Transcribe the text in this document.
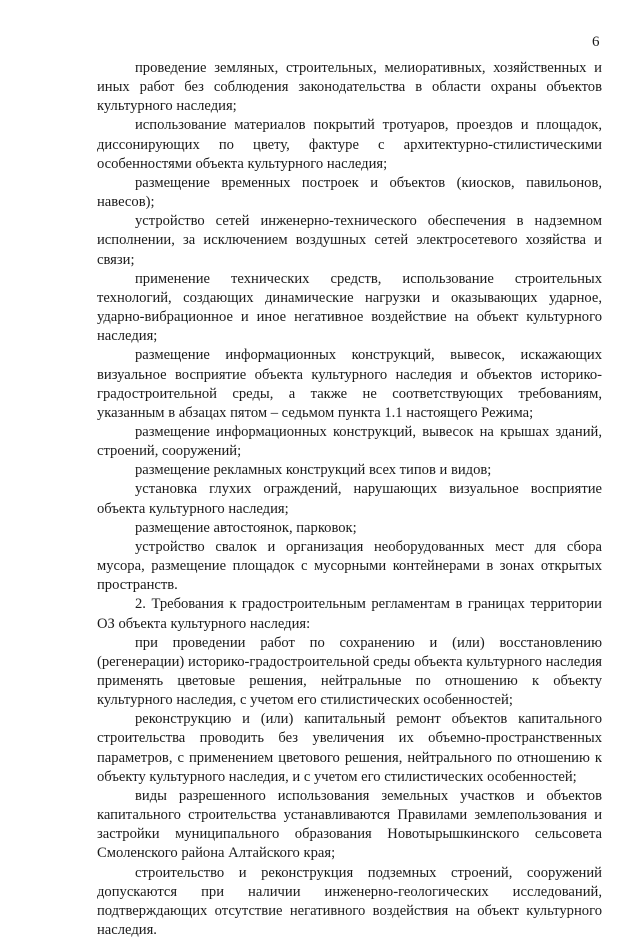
6

проведение земляных, строительных, мелиоративных, хозяйственных и иных работ без соблюдения законодательства в области охраны объектов культурного наследия;

использование материалов покрытий тротуаров, проездов и площадок, диссонирующих по цвету, фактуре с архитектурно-стилистическими особенностями объекта культурного наследия;

размещение временных построек и объектов (киосков, павильонов, навесов);

устройство сетей инженерно-технического обеспечения в надземном исполнении, за исключением воздушных сетей электросетевого хозяйства и связи;

применение технических средств, использование строительных технологий, создающих динамические нагрузки и оказывающих ударное, ударно-вибрационное и иное негативное воздействие на объект культурного наследия;

размещение информационных конструкций, вывесок, искажающих визуальное восприятие объекта культурного наследия и объектов историко-градостроительной среды, а также не соответствующих требованиям, указанным в абзацах пятом – седьмом пункта 1.1 настоящего Режима;

размещение информационных конструкций, вывесок на крышах зданий, строений, сооружений;

размещение рекламных конструкций всех типов и видов;

установка глухих ограждений, нарушающих визуальное восприятие объекта культурного наследия;

размещение автостоянок, парковок;

устройство свалок и организация необорудованных мест для сбора мусора, размещение площадок с мусорными контейнерами в зонах открытых пространств.

2. Требования к градостроительным регламентам в границах территории ОЗ объекта культурного наследия:

при проведении работ по сохранению и (или) восстановлению (регенерации) историко-градостроительной среды объекта культурного наследия применять цветовые решения, нейтральные по отношению к объекту культурного наследия, с учетом его стилистических особенностей;

реконструкцию и (или) капитальный ремонт объектов капитального строительства проводить без увеличения их объемно-пространственных параметров, с применением цветового решения, нейтрального по отношению к объекту культурного наследия, и с учетом его стилистических особенностей;

виды разрешенного использования земельных участков и объектов капитального строительства устанавливаются Правилами землепользования и застройки муниципального образования Новотырышкинского сельсовета Смоленского района Алтайского края;

строительство и реконструкция подземных строений, сооружений допускаются при наличии инженерно-геологических исследований, подтверждающих отсутствие негативного воздействия на объект культурного наследия.
